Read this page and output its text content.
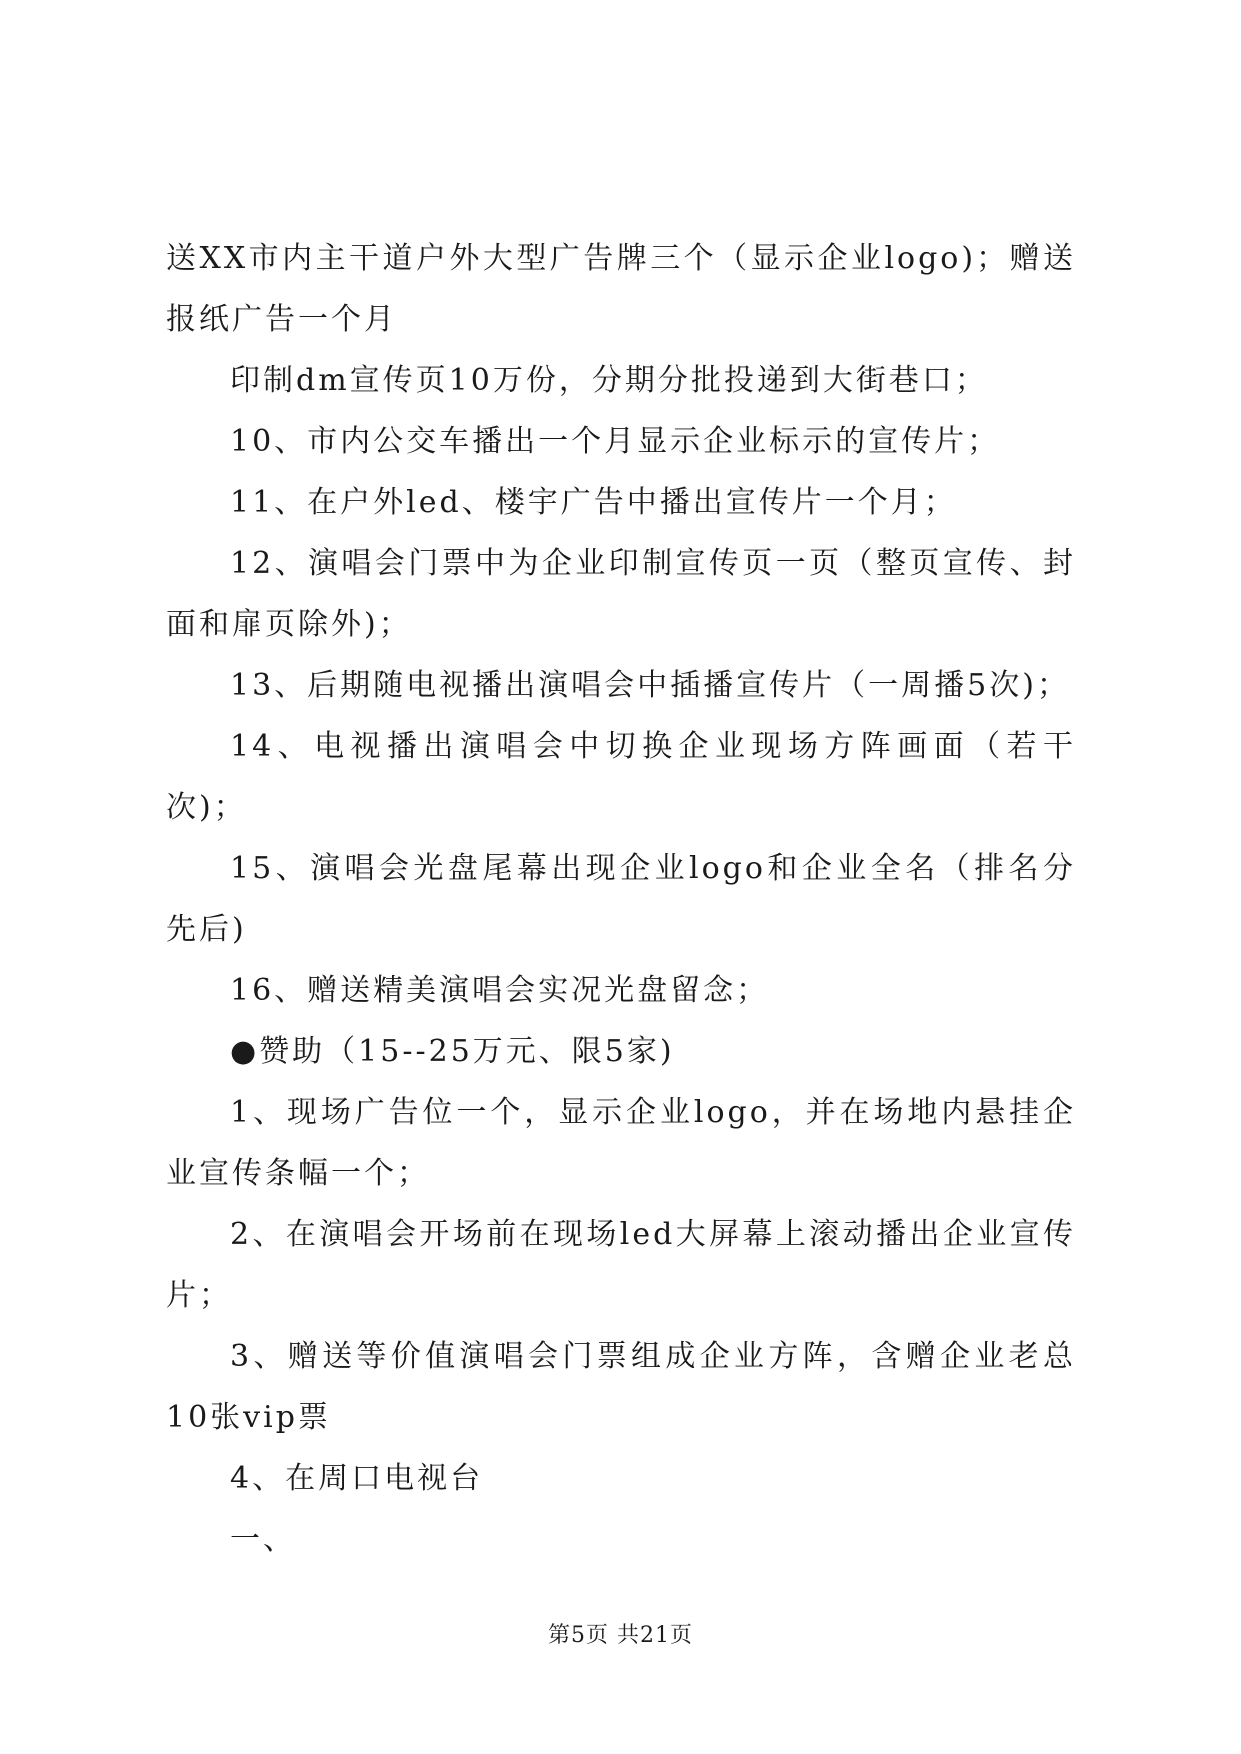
送XX市内主干道户外大型广告牌三个（显示企业logo)；赠送报纸广告一个月

印制dm宣传页10万份，分期分批投递到大街巷口；

10、市内公交车播出一个月显示企业标示的宣传片；

11、在户外led、楼宇广告中播出宣传片一个月；

12、演唱会门票中为企业印制宣传页一页（整页宣传、封面和扉页除外)；

13、后期随电视播出演唱会中插播宣传片（一周播5次)；

14、电视播出演唱会中切换企业现场方阵画面（若干次)；

15、演唱会光盘尾幕出现企业logo和企业全名（排名分先后)

16、赠送精美演唱会实况光盘留念；

●赞助（15--25万元、限5家)

1、现场广告位一个，显示企业logo，并在场地内悬挂企业宣传条幅一个；

2、在演唱会开场前在现场led大屏幕上滚动播出企业宣传片；

3、赠送等价值演唱会门票组成企业方阵，含赠企业老总10张vip票

4、在周口电视台

一、

第5页 共21页
